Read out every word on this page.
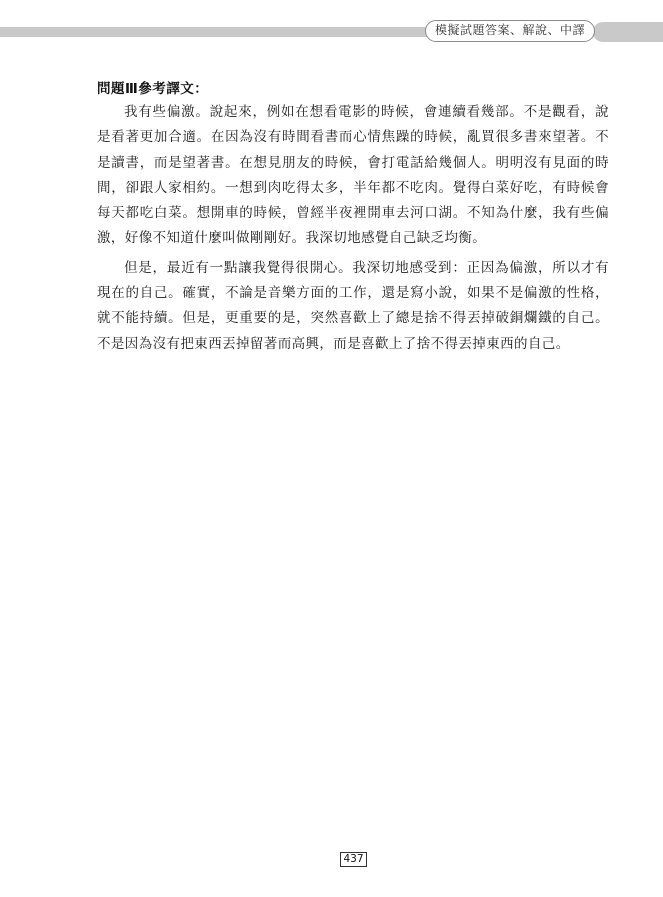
模擬試題答案、解說、中譯
問題Ⅲ參考譯文：

我有些偏激。說起來，例如在想看電影的時候，會連續看幾部。不是觀看，說是看著更加合適。在因為沒有時間看書而心情焦躁的時候，亂買很多書來望著。不是讀書，而是望著書。在想見朋友的時候，會打電話給幾個人。明明沒有見面的時間，卻跟人家相約。一想到肉吃得太多，半年都不吃肉。覺得白菜好吃，有時候會每天都吃白菜。想開車的時候，曾經半夜裡開車去河口湖。不知為什麼，我有些偏激，好像不知道什麼叫做剛剛好。我深切地感覺自己缺乏均衡。

但是，最近有一點讓我覺得很開心。我深切地感受到：正因為偏激，所以才有現在的自己。確實，不論是音樂方面的工作，還是寫小說，如果不是偏激的性格，就不能持續。但是，更重要的是，突然喜歡上了總是捨不得丟掉破銅爛鐵的自己。不是因為沒有把東西丟掉留著而高興，而是喜歡上了捨不得丟掉東西的自己。

437
